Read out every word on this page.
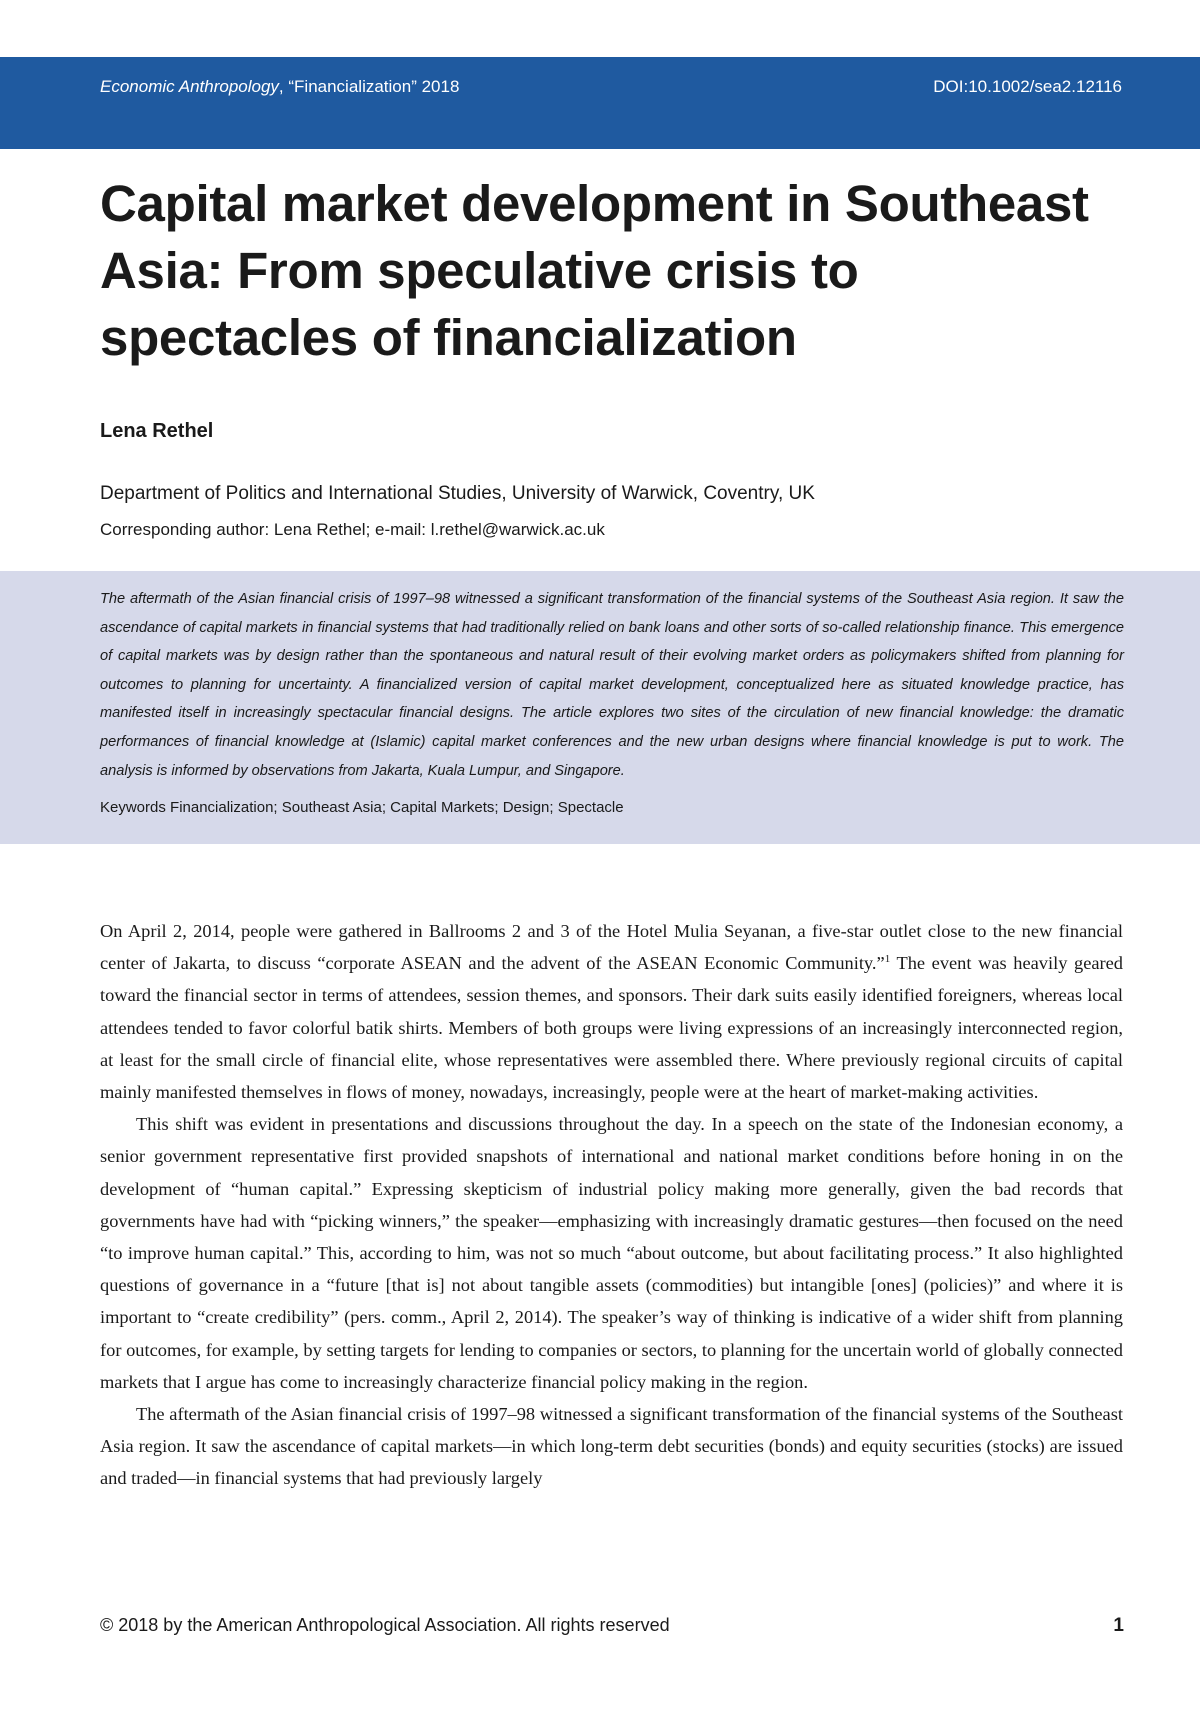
Economic Anthropology, “Financialization” 2018	DOI:10.1002/sea2.12116
Capital market development in Southeast Asia: From speculative crisis to spectacles of financialization
Lena Rethel
Department of Politics and International Studies, University of Warwick, Coventry, UK
Corresponding author: Lena Rethel; e-mail: l.rethel@warwick.ac.uk

The aftermath of the Asian financial crisis of 1997–98 witnessed a significant transformation of the financial systems of the Southeast Asia region. It saw the ascendance of capital markets in financial systems that had traditionally relied on bank loans and other sorts of so-called relationship finance. This emergence of capital markets was by design rather than the spontaneous and natural result of their evolving market orders as policymakers shifted from planning for outcomes to planning for uncertainty. A financialized version of capital market development, conceptualized here as situated knowledge practice, has manifested itself in increasingly spectacular financial designs. The article explores two sites of the circulation of new financial knowledge: the dramatic performances of financial knowledge at (Islamic) capital market conferences and the new urban designs where financial knowledge is put to work. The analysis is informed by observations from Jakarta, Kuala Lumpur, and Singapore.

Keywords Financialization; Southeast Asia; Capital Markets; Design; Spectacle

On April 2, 2014, people were gathered in Ballrooms 2 and 3 of the Hotel Mulia Seyanan, a five-star outlet close to the new financial center of Jakarta, to discuss “corporate ASEAN and the advent of the ASEAN Economic Community.”$^1$ The event was heavily geared toward the financial sector in terms of attendees, session themes, and sponsors. Their dark suits easily identified foreigners, whereas local attendees tended to favor colorful batik shirts. Members of both groups were living expressions of an increasingly interconnected region, at least for the small circle of financial elite, whose representatives were assembled there. Where previously regional circuits of capital mainly manifested themselves in flows of money, nowadays, increasingly, people were at the heart of market-making activities.

This shift was evident in presentations and discussions throughout the day. In a speech on the state of the Indonesian economy, a senior government representative first provided snapshots of international and national market conditions before honing in on the development of “human capital.” Expressing skepticism of industrial policy making more generally, given the bad records that governments have had with “picking winners,” the speaker—emphasizing with increasingly dramatic gestures—then focused on the need “to improve human capital.” This, according to him, was not so much “about outcome, but about facilitating process.” It also highlighted questions of governance in a “future [that is] not about tangible assets (commodities) but intangible [ones] (policies)” and where it is important to “create credibility” (pers. comm., April 2, 2014). The speaker’s way of thinking is indicative of a wider shift from planning for outcomes, for example, by setting targets for lending to companies or sectors, to planning for the uncertain world of globally connected markets that I argue has come to increasingly characterize financial policy making in the region.

The aftermath of the Asian financial crisis of 1997–98 witnessed a significant transformation of the financial systems of the Southeast Asia region. It saw the ascendance of capital markets—in which long-term debt securities (bonds) and equity securities (stocks) are issued and traded—in financial systems that had previously largely

© 2018 by the American Anthropological Association. All rights reserved	1
